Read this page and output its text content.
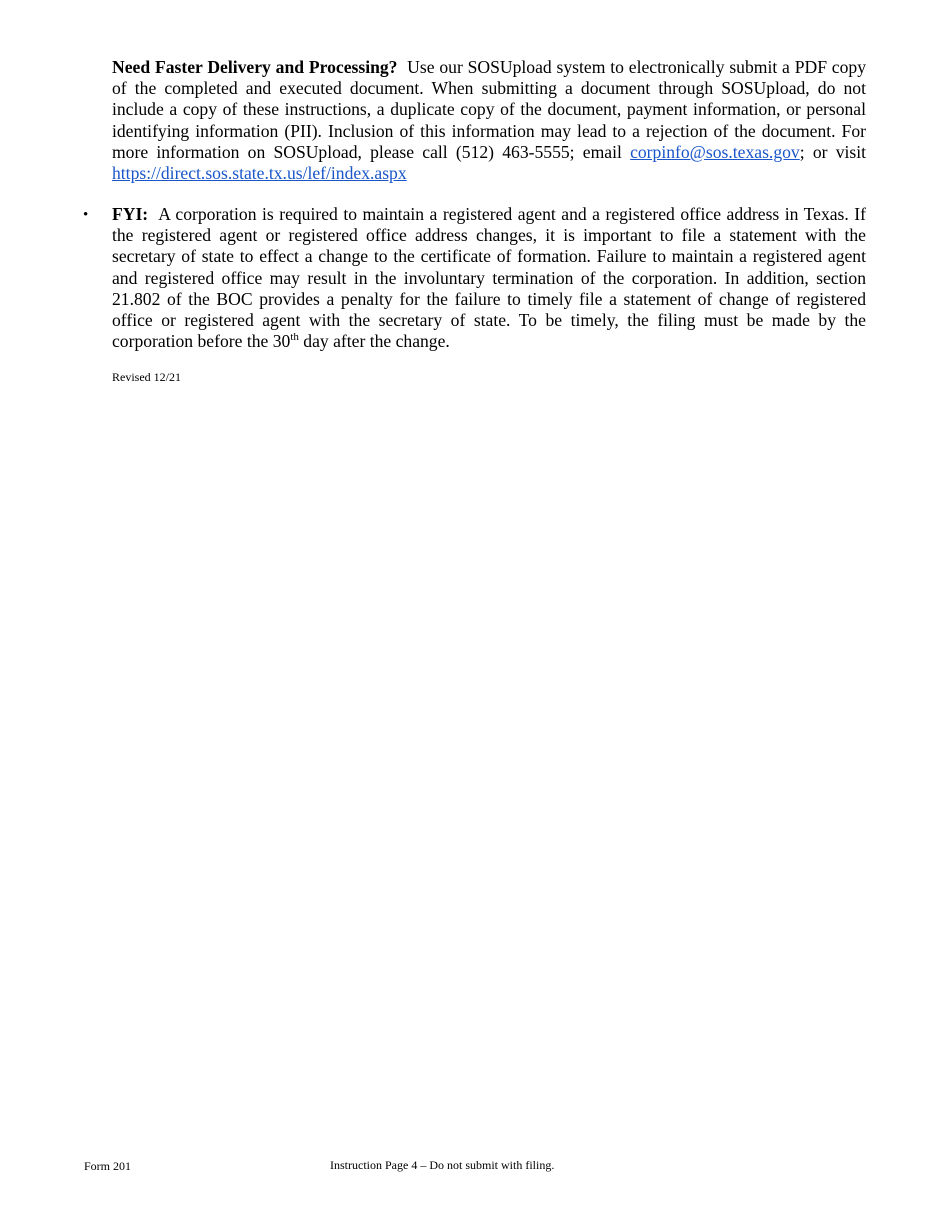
Need Faster Delivery and Processing? Use our SOSUpload system to electronically submit a PDF copy of the completed and executed document. When submitting a document through SOSUpload, do not include a copy of these instructions, a duplicate copy of the document, payment information, or personal identifying information (PII). Inclusion of this information may lead to a rejection of the document. For more information on SOSUpload, please call (512) 463-5555; email corpinfo@sos.texas.gov; or visit https://direct.sos.state.tx.us/lef/index.aspx

• FYI: A corporation is required to maintain a registered agent and a registered office address in Texas. If the registered agent or registered office address changes, it is important to file a statement with the secretary of state to effect a change to the certificate of formation. Failure to maintain a registered agent and registered office may result in the involuntary termination of the corporation. In addition, section 21.802 of the BOC provides a penalty for the failure to timely file a statement of change of registered office or registered agent with the secretary of state. To be timely, the filing must be made by the corporation before the 30th day after the change.

Revised 12/21
Form 201	Instruction Page 4 – Do not submit with filing.
